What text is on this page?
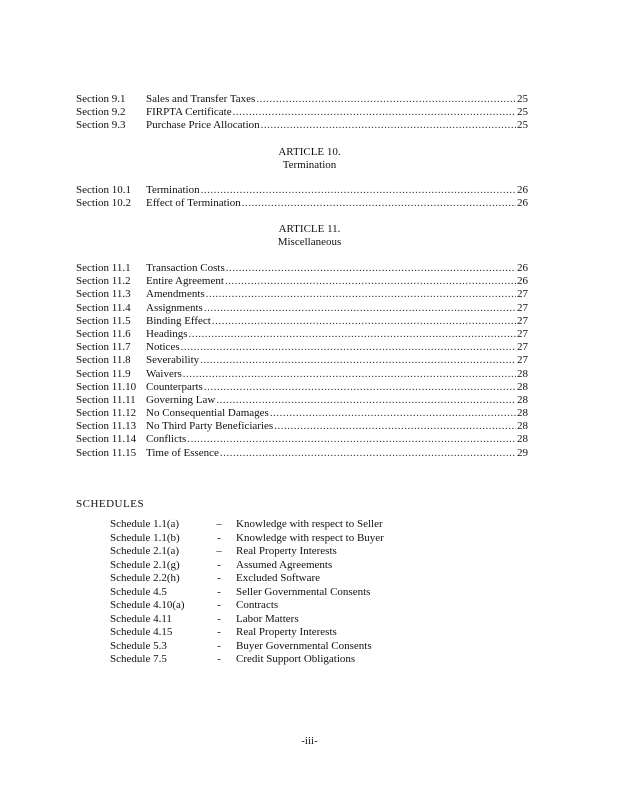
Section 9.1	Sales and Transfer Taxes .....	25
Section 9.2	FIRPTA Certificate .....	25
Section 9.3	Purchase Price Allocation .....	25
ARTICLE 10.
Termination
Section 10.1	Termination .....	26
Section 10.2	Effect of Termination .....	26
ARTICLE 11.
Miscellaneous
Section 11.1	Transaction Costs .....	26
Section 11.2	Entire Agreement .....	26
Section 11.3	Amendments .....	27
Section 11.4	Assignments .....	27
Section 11.5	Binding Effect .....	27
Section 11.6	Headings .....	27
Section 11.7	Notices .....	27
Section 11.8	Severability .....	27
Section 11.9	Waivers .....	28
Section 11.10 Counterparts .....	28
Section 11.11 Governing Law .....	28
Section 11.12 No Consequential Damages .....	28
Section 11.13 No Third Party Beneficiaries .....	28
Section 11.14 Conflicts .....	28
Section 11.15 Time of Essence .....	29
SCHEDULES
Schedule 1.1(a)	–	Knowledge with respect to Seller
Schedule 1.1(b)	-	Knowledge with respect to Buyer
Schedule 2.1(a)	–	Real Property Interests
Schedule 2.1(g)	-	Assumed Agreements
Schedule 2.2(h)	-	Excluded Software
Schedule 4.5	-	Seller Governmental Consents
Schedule 4.10(a)	-	Contracts
Schedule 4.11	-	Labor Matters
Schedule 4.15	-	Real Property Interests
Schedule 5.3	-	Buyer Governmental Consents
Schedule 7.5	-	Credit Support Obligations
-iii-
